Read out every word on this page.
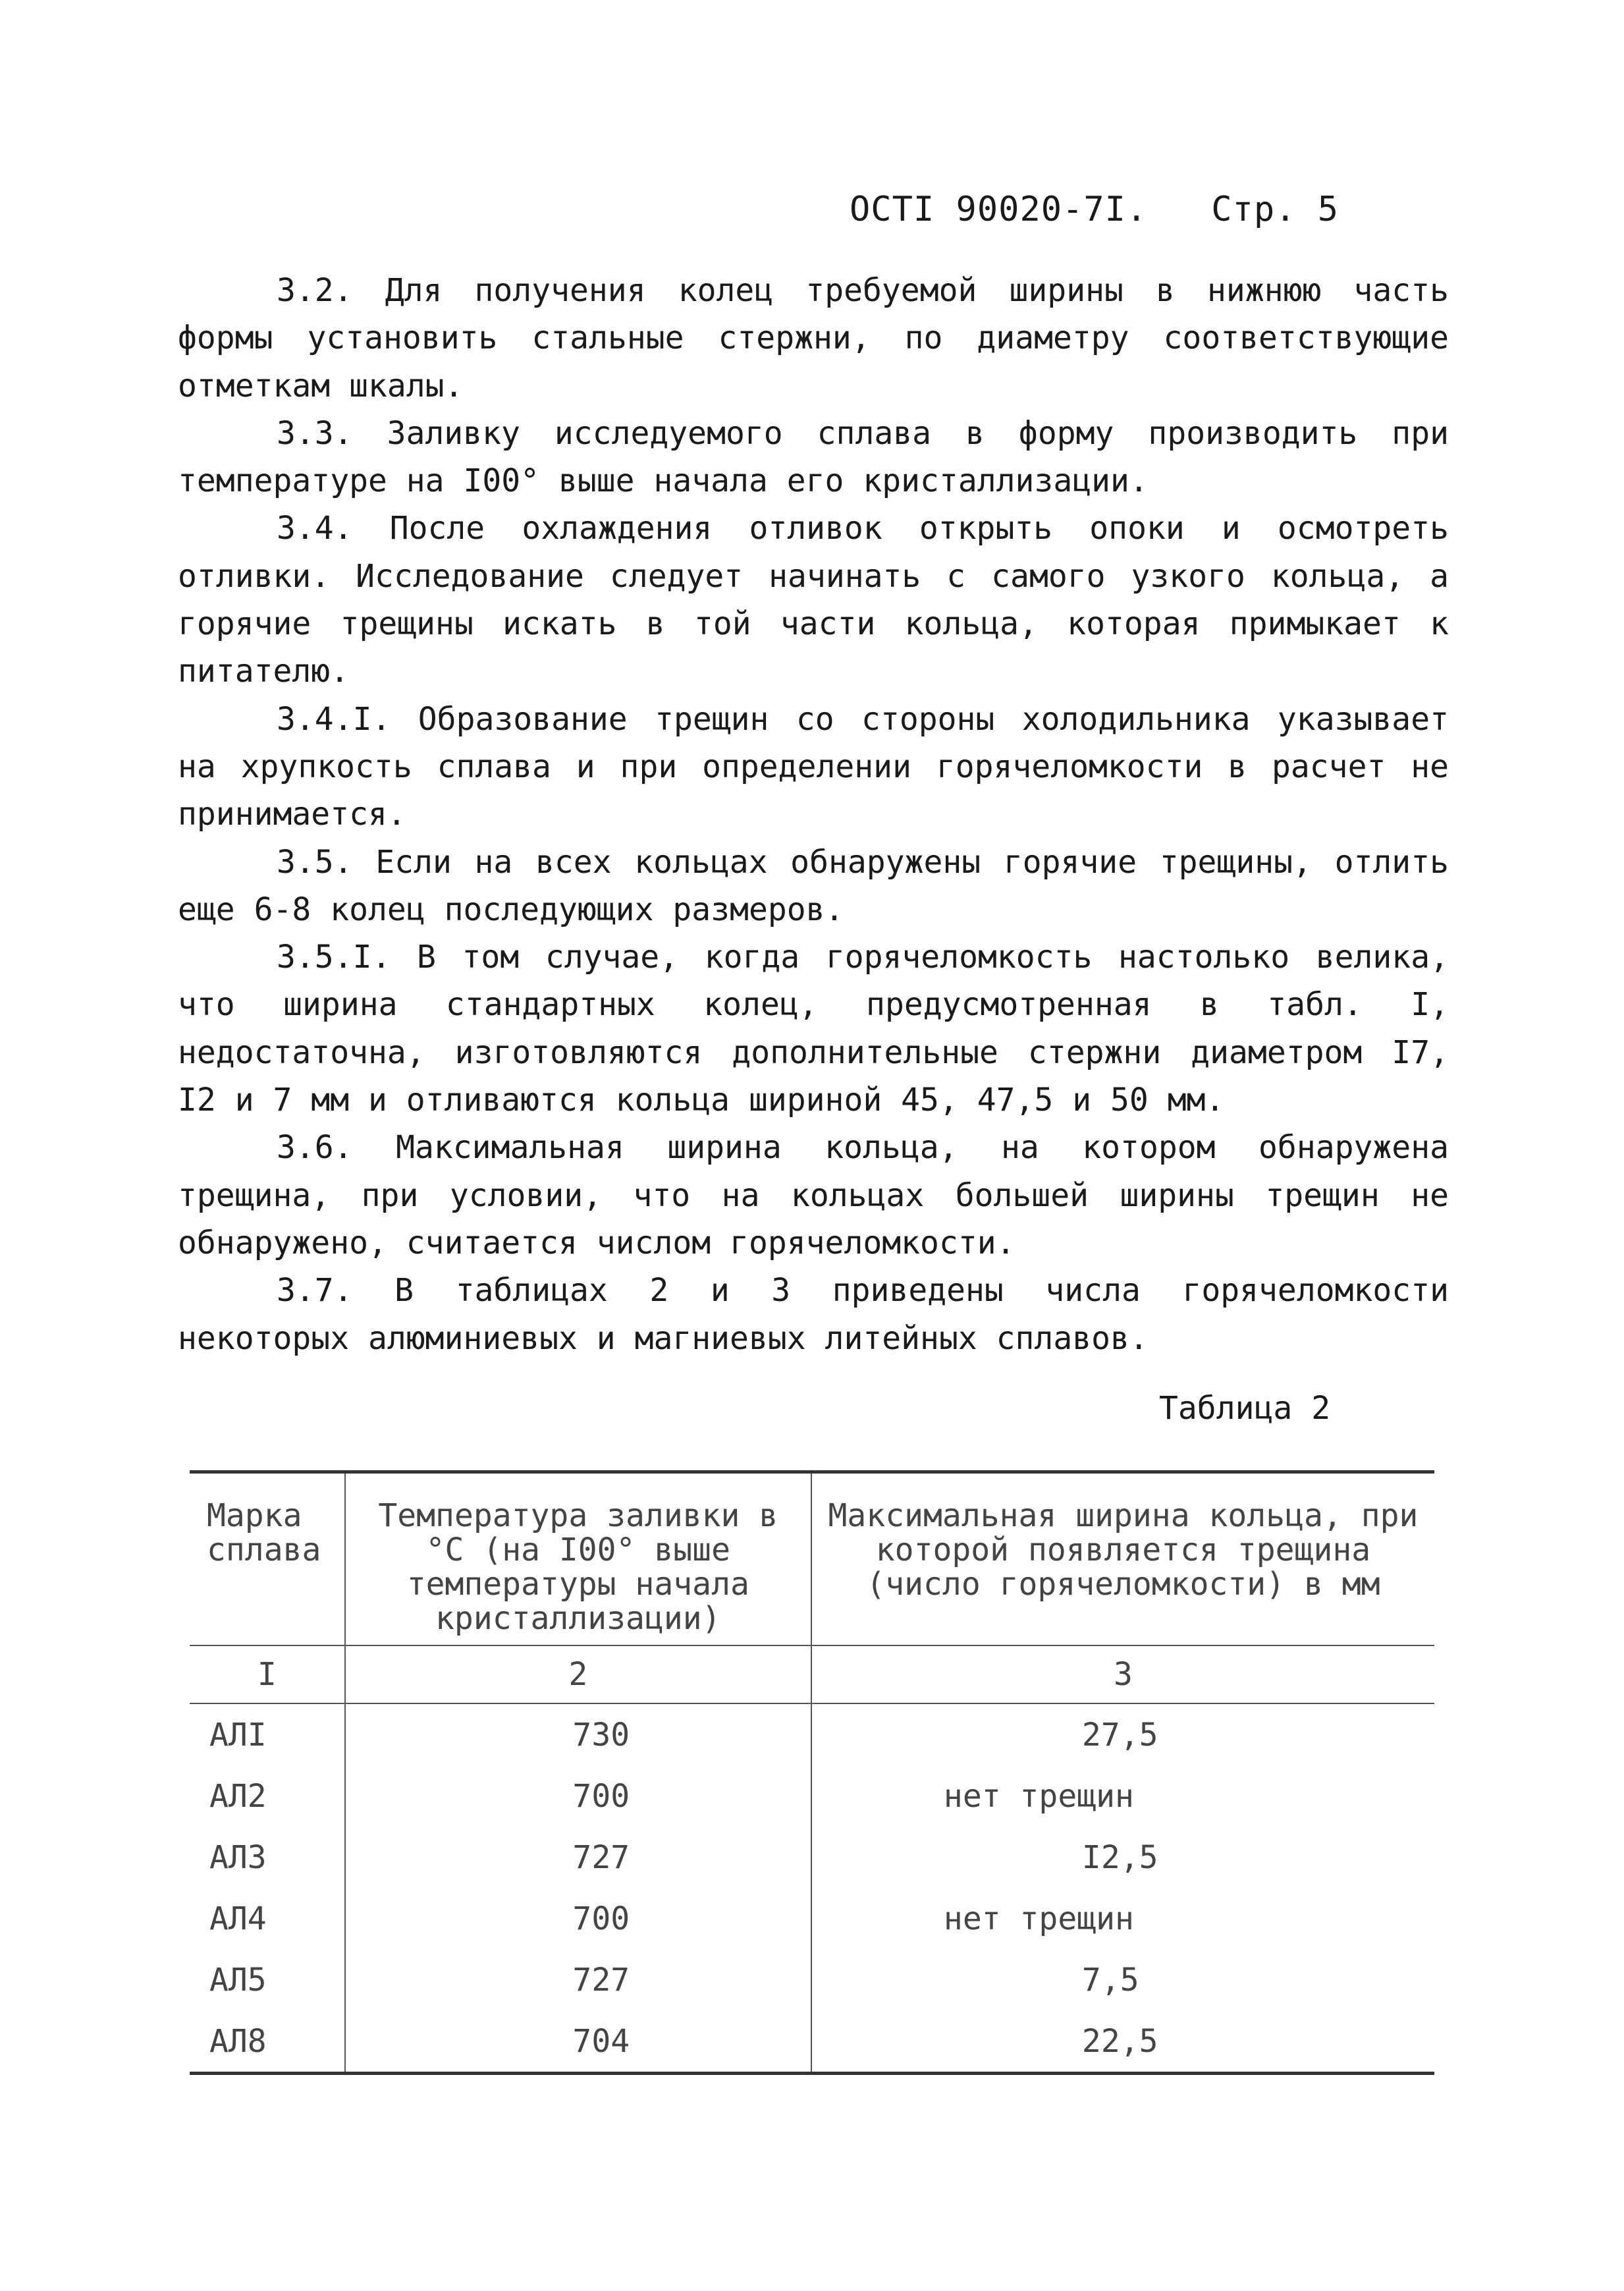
ОСТI 90020-7I. Стр. 5

3.2. Для получения колец требуемой ширины в нижнюю часть формы установить стальные стержни, по диаметру соответствующие отметкам шкалы.

3.3. Заливку исследуемого сплава в форму производить при температуре на I00° выше начала его кристаллизации.

3.4. После охлаждения отливок открыть опоки и осмотреть отливки. Исследование следует начинать с самого узкого кольца, а горячие трещины искать в той части кольца, которая примыкает к питателю.

3.4.I. Образование трещин со стороны холодильника указывает на хрупкость сплава и при определении горячеломкости в расчет не принимается.

3.5. Если на всех кольцах обнаружены горячие трещины, отлить еще 6-8 колец последующих размеров.

3.5.I. В том случае, когда горячеломкость настолько велика, что ширина стандартных колец, предусмотренная в табл. I, недостаточна, изготовляются дополнительные стержни диаметром I7, I2 и 7 мм и отливаются кольца шириной 45, 47,5 и 50 мм.

3.6. Максимальная ширина кольца, на котором обнаружена трещина, при условии, что на кольцах большей ширины трещин не обнаружено, считается числом горячеломкости.

3.7. В таблицах 2 и 3 приведены числа горячеломкости некоторых алюминиевых и магниевых литейных сплавов.

Таблица 2
Марка сплава	Температура заливки в °С (на I00° выше температуры начала кристаллизации)	Максимальная ширина кольца, при которой появляется трещина (число горячеломкости) в мм
I	2	3
АЛI	730	27,5
АЛ2	700	нет трещин
АЛ3	727	I2,5
АЛ4	700	нет трещин
АЛ5	727	7,5
АЛ8	704	22,5
